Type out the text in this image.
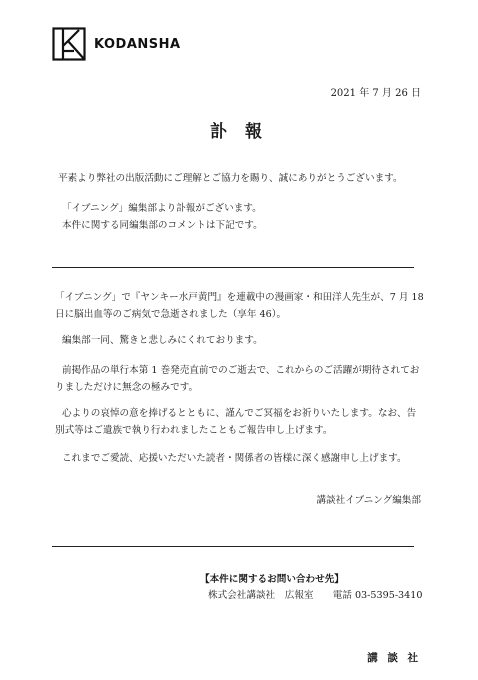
KODANSHA
2021 年 7 月 26 日
訃 報

平素より弊社の出版活動にご理解とご協力を賜り、誠にありがとうございます。

「イブニング」編集部より訃報がございます。

本件に関する同編集部のコメントは下記です。

「イブニング」で『ヤンキー水戸黄門』を連載中の漫画家・和田洋人先生が、7 月 18

日に脳出血等のご病気で急逝されました（享年 46）。

編集部一同、驚きと悲しみにくれております。

前掲作品の単行本第 1 巻発売直前でのご逝去で、これからのご活躍が期待されてお

りましただけに無念の極みです。

心よりの哀悼の意を捧げるとともに、謹んでご冥福をお祈りいたします。なお、告

別式等はご遺族で執り行われましたこともご報告申し上げます。

これまでご愛読、応援いただいた読者・関係者の皆様に深く感謝申し上げます。

講談社イブニング編集部
【本件に関するお問い合わせ先】
株式会社講談社　広報室　　電話 03-5395-3410
講 談 社
